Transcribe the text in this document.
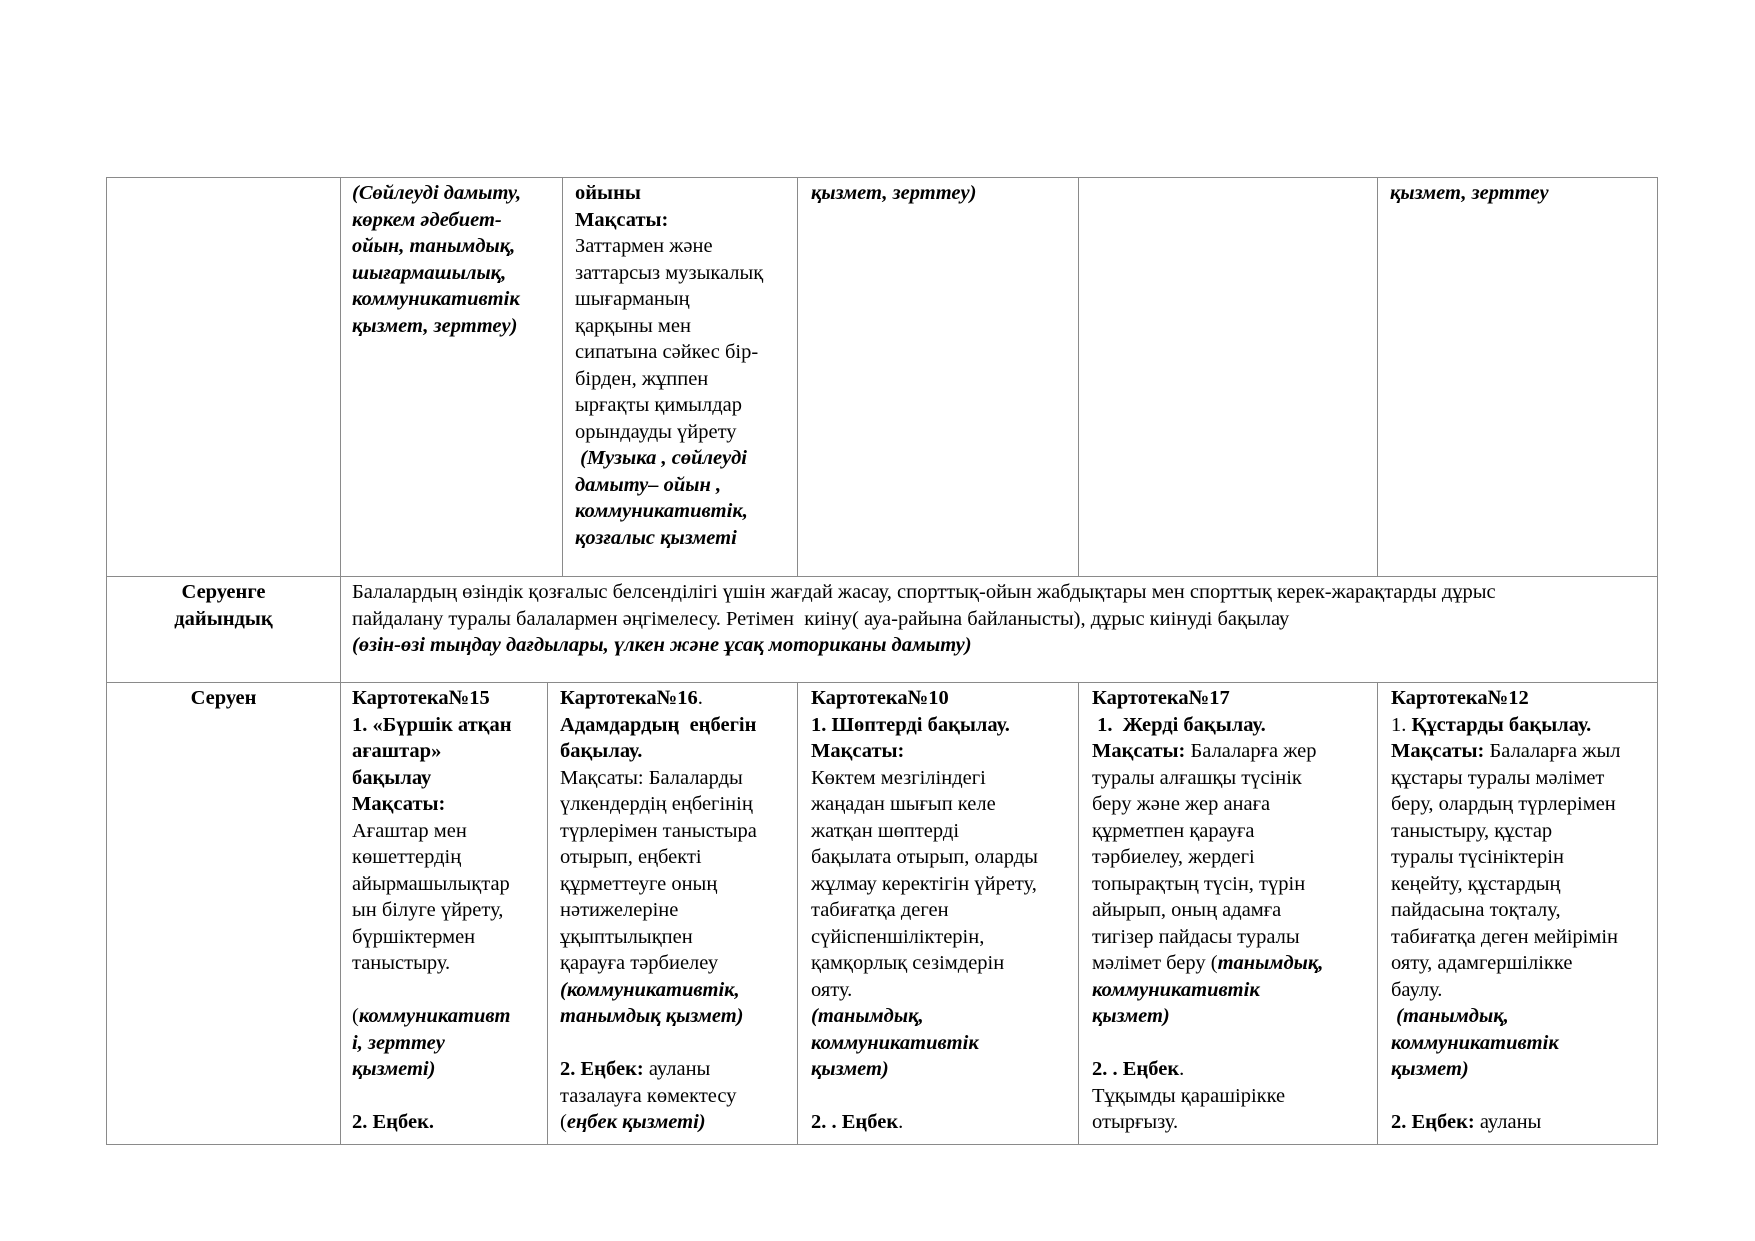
(Сөйлеуді дамыту,
көркем әдебиет-
ойын, танымдық,
шығармашылық,
коммуникативтік
қызмет, зерттеу)
ойыны
Мақсаты:
Заттармен және
заттарсыз музыкалық
шығарманың
қарқыны мен
сипатына сәйкес бір-
бірден, жұппен
ырғақты қимылдар
орындауды үйрету
(Музыка , сөйлеуді
дамыту– ойын ,
коммуникативтік,
қозғалыс қызметі
қызмет, зерттеу)	қызмет, зерттеу
Серуенге
дайындық
Балалардың өзіндік қозғалыс белсенділігі үшін жағдай жасау, спорттық-ойын жабдықтары мен спорттық керек-жарақтарды дұрыс
пайдалану туралы балалармен әңгімелесу. Ретімен  киіну( ауа-райына байланысты), дұрыс киінуді бақылау
(өзін-өзі тыңдау дағдылары, үлкен және ұсақ моториканы дамыту)
Серуен	Картотека№15
1. «Бүршік атқан
ағаштар»
бақылау
Мақсаты:
Ағаштар мен
көшеттердің
айырмашылықтар
ын білуге үйрету,
бүршіктермен
таныстыру.

(коммуникативт
і, зерттеу
қызметі)

2. Еңбек.
Картотека№16.
Адамдардың  еңбегін
бақылау.
Мақсаты: Балаларды
үлкендердің еңбегінің
түрлерімен таныстыра
отырып, еңбекті
құрметтеуге оның
нәтижелеріне
ұқыптылықпен
қарауға тәрбиелеу
(коммуникативтік,
танымдық қызмет)

2. Еңбек: ауланы
тазалауға көмектесу
(еңбек қызметі)
Картотека№10
1. Шөптерді бақылау.
Мақсаты:
Көктем мезгіліндегі
жаңадан шығып келе
жатқан шөптерді
бақылата отырып, оларды
жұлмау керектігін үйрету,
табиғатқа деген
сүйіспеншіліктерін,
қамқорлық сезімдерін
ояту.
(танымдық,
коммуникативтік
қызмет)

2. . Еңбек.
Картотека№17
1.  Жерді бақылау.
Мақсаты: Балаларға жер
туралы алғашқы түсінік
беру және жер анаға
құрметпен қарауға
тәрбиелеу, жердегі
топырақтың түсін, түрін
айырып, оның адамға
тигізер пайдасы туралы
мәлімет беру (танымдық,
коммуникативтік
қызмет)

2. . Еңбек.
Тұқымды қарашірікке
отырғызу.
Картотека№12
1. Құстарды бақылау.
Мақсаты: Балаларға жыл
құстары туралы мәлімет
беру, олардың түрлерімен
таныстыру, құстар
туралы түсініктерін
кеңейту, құстардың
пайдасына тоқталу,
табиғатқа деген мейірімін
ояту, адамгершілікке
баулу.
(танымдық,
коммуникативтік
қызмет)

2. Еңбек: ауланы
